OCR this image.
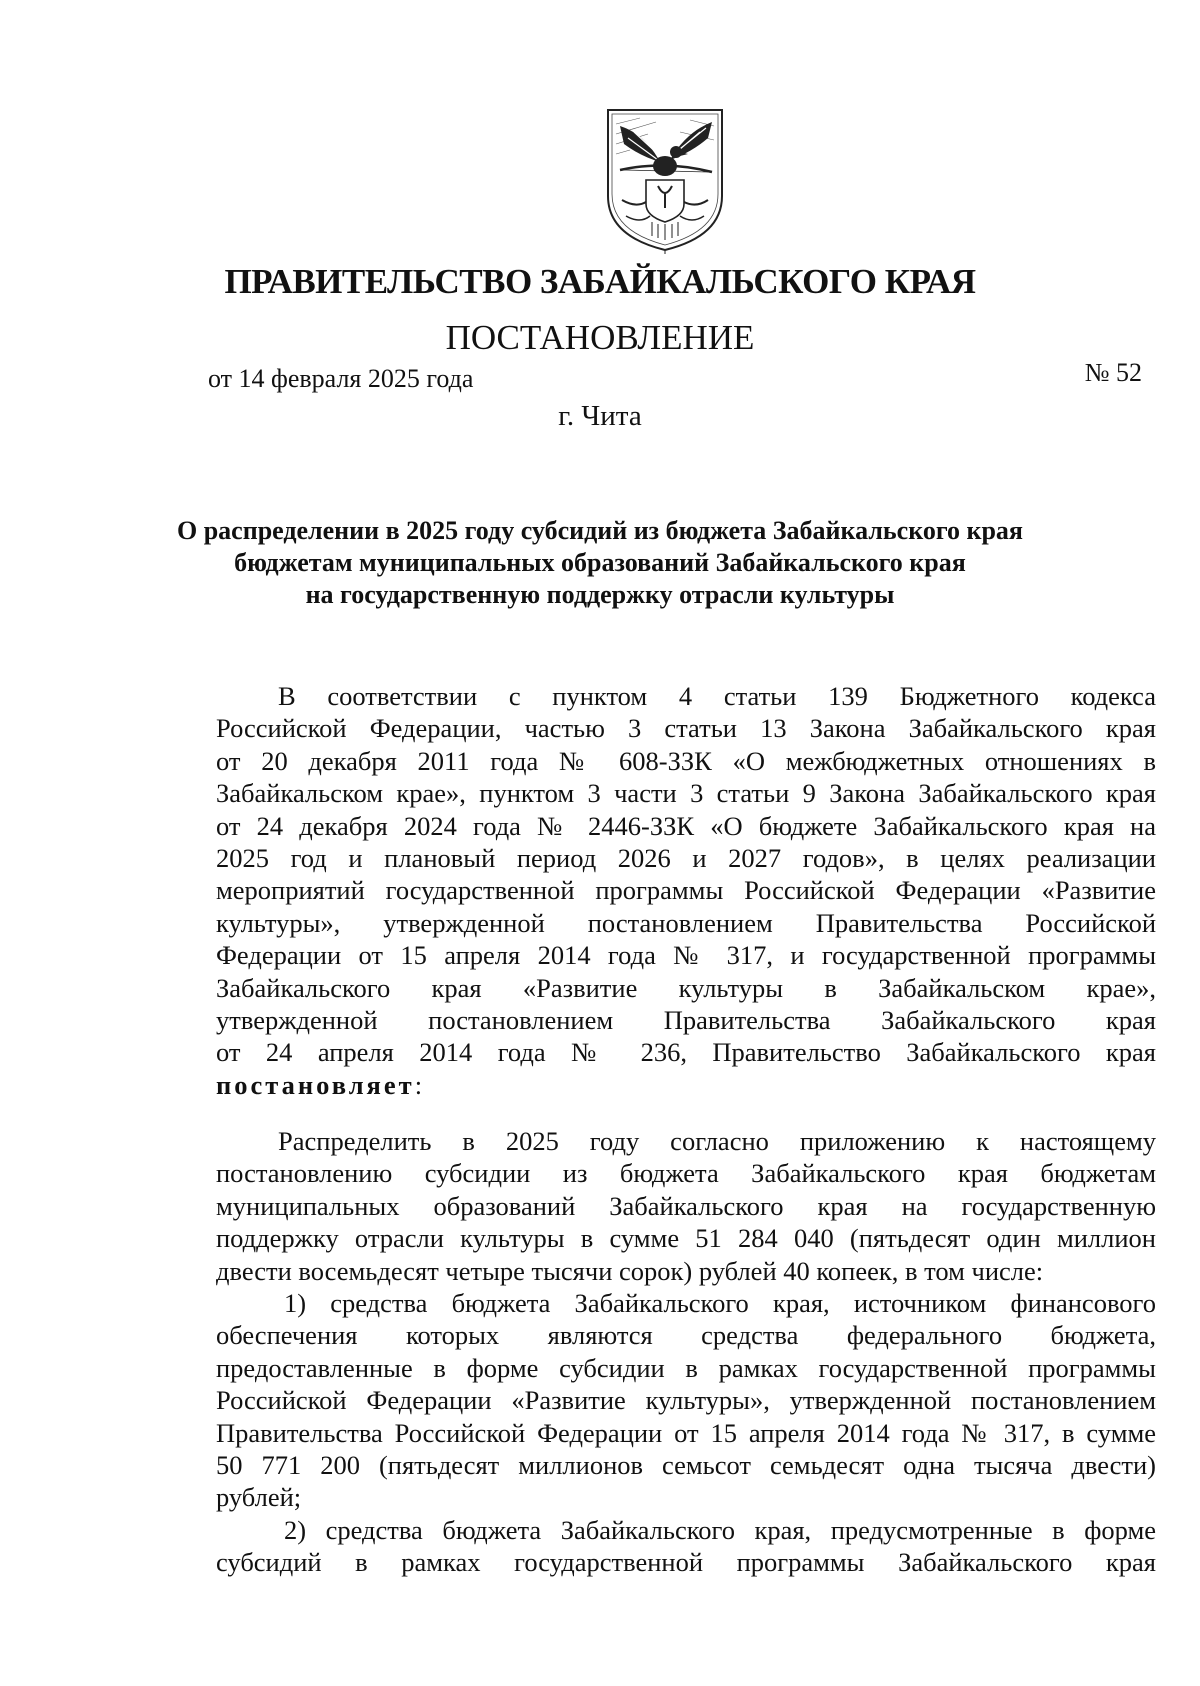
ПРАВИТЕЛЬСТВО ЗАБАЙКАЛЬСКОГО КРАЯ
ПОСТАНОВЛЕНИЕ
от 14 февраля 2025 года	№ 52
г. Чита
О распределении в 2025 году субсидий из бюджета Забайкальского края
бюджетам муниципальных образований Забайкальского края
на государственную поддержку отрасли культуры
В соответствии с пунктом 4 статьи 139 Бюджетного кодекса
Российской Федерации, частью 3 статьи 13 Закона Забайкальского края
от 20 декабря 2011 года № 608-ЗЗК «О межбюджетных отношениях в
Забайкальском крае», пунктом 3 части 3 статьи 9 Закона Забайкальского края
от 24 декабря 2024 года № 2446-ЗЗК «О бюджете Забайкальского края на
2025 год и плановый период 2026 и 2027 годов», в целях реализации
мероприятий государственной программы Российской Федерации «Развитие
культуры», утвержденной постановлением Правительства Российской
Федерации от 15 апреля 2014 года № 317, и государственной программы
Забайкальского края «Развитие культуры в Забайкальском крае»,
утвержденной постановлением Правительства Забайкальского края
от 24 апреля 2014 года № 236, Правительство Забайкальского края
постановляет:
Распределить в 2025 году согласно приложению к настоящему
постановлению субсидии из бюджета Забайкальского края бюджетам
муниципальных образований Забайкальского края на государственную
поддержку отрасли культуры в сумме 51 284 040 (пятьдесят один миллион
двести восемьдесят четыре тысячи сорок) рублей 40 копеек, в том числе:
1) средства бюджета Забайкальского края, источником финансового
обеспечения которых являются средства федерального бюджета,
предоставленные в форме субсидии в рамках государственной программы
Российской Федерации «Развитие культуры», утвержденной постановлением
Правительства Российской Федерации от 15 апреля 2014 года № 317, в сумме
50 771 200 (пятьдесят миллионов семьсот семьдесят одна тысяча двести)
рублей;
2) средства бюджета Забайкальского края, предусмотренные в форме
субсидий в рамках государственной программы Забайкальского края
